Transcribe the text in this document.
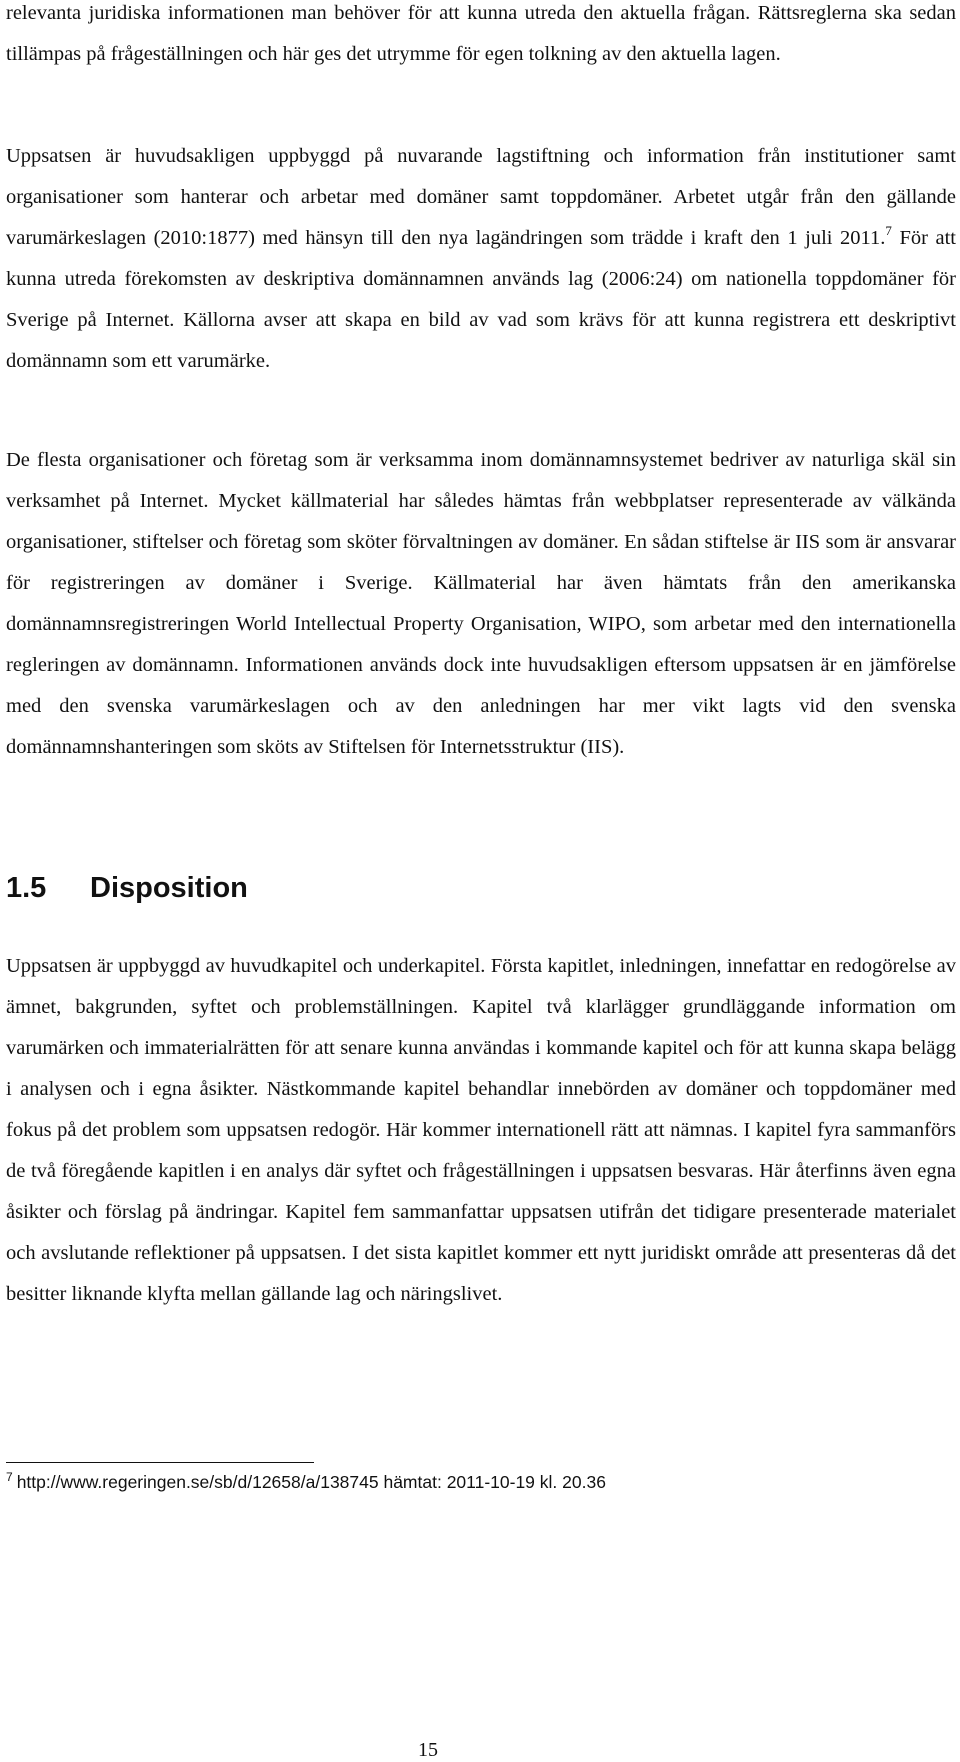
relevanta juridiska informationen man behöver för att kunna utreda den aktuella frågan. Rättsreglerna ska sedan tillämpas på frågeställningen och här ges det utrymme för egen tolkning av den aktuella lagen.

Uppsatsen är huvudsakligen uppbyggd på nuvarande lagstiftning och information från institutioner samt organisationer som hanterar och arbetar med domäner samt toppdomäner. Arbetet utgår från den gällande varumärkeslagen (2010:1877) med hänsyn till den nya lagändringen som trädde i kraft den 1 juli 2011.$^7$ För att kunna utreda förekomsten av deskriptiva domännamnen används lag (2006:24) om nationella toppdomäner för Sverige på Internet. Källorna avser att skapa en bild av vad som krävs för att kunna registrera ett deskriptivt domännamn som ett varumärke.

De flesta organisationer och företag som är verksamma inom domännamnsystemet bedriver av naturliga skäl sin verksamhet på Internet. Mycket källmaterial har således hämtas från webbplatser representerade av välkända organisationer, stiftelser och företag som sköter förvaltningen av domäner. En sådan stiftelse är IIS som är ansvarar för registreringen av domäner i Sverige. Källmaterial har även hämtats från den amerikanska domännamnsregistreringen World Intellectual Property Organisation, WIPO, som arbetar med den internationella regleringen av domännamn. Informationen används dock inte huvudsakligen eftersom uppsatsen är en jämförelse med den svenska varumärkeslagen och av den anledningen har mer vikt lagts vid den svenska domännamnshanteringen som sköts av Stiftelsen för Internetsstruktur (IIS).

1.5 Disposition

Uppsatsen är uppbyggd av huvudkapitel och underkapitel. Första kapitlet, inledningen, innefattar en redogörelse av ämnet, bakgrunden, syftet och problemställningen. Kapitel två klarlägger grundläggande information om varumärken och immaterialrätten för att senare kunna användas i kommande kapitel och för att kunna skapa belägg i analysen och i egna åsikter. Nästkommande kapitel behandlar innebörden av domäner och toppdomäner med fokus på det problem som uppsatsen redogör. Här kommer internationell rätt att nämnas. I kapitel fyra sammanförs de två föregående kapitlen i en analys där syftet och frågeställningen i uppsatsen besvaras. Här återfinns även egna åsikter och förslag på ändringar. Kapitel fem sammanfattar uppsatsen utifrån det tidigare presenterade materialet och avslutande reflektioner på uppsatsen. I det sista kapitlet kommer ett nytt juridiskt område att presenteras då det besitter liknande klyfta mellan gällande lag och näringslivet.

$^7$ http://www.regeringen.se/sb/d/12658/a/138745 hämtat: 2011-10-19 kl. 20.36
15
